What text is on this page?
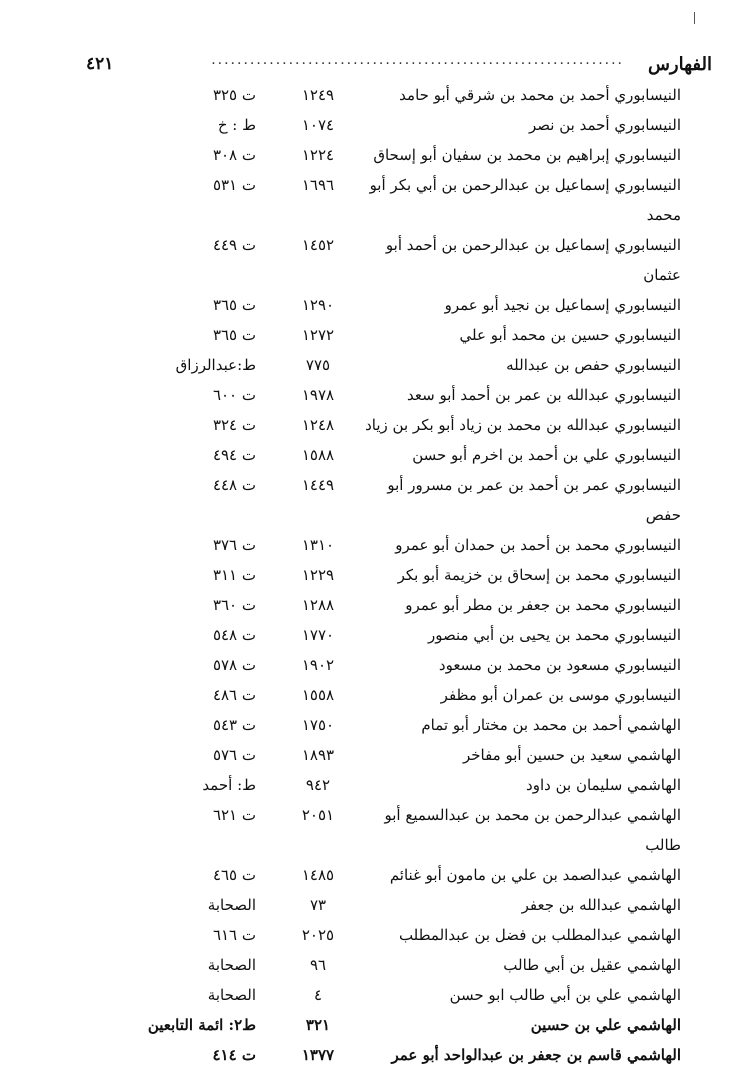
الفهارس
................................................................
٤٢١
النيسابوري أحمد بن محمد بن شرقي أبو حامد
١٢٤٩
ت ٣٢٥
النيسابوري أحمد بن نصر
١٠٧٤
ط : خ
النيسابوري إبراهيم بن محمد بن سفيان أبو إسحاق
١٢٢٤
ت ٣٠٨
النيسابوري إسماعيل بن عبدالرحمن بن أبي بكر أبو
١٦٩٦
ت ٥٣١
محمد
النيسابوري إسماعيل بن عبدالرحمن بن أحمد أبو
١٤٥٢
ت ٤٤٩
عثمان
النيسابوري إسماعيل بن نجيد أبو عمرو
١٢٩٠
ت ٣٦٥
النيسابوري حسين بن محمد أبو علي
١٢٧٢
ت ٣٦٥
النيسابوري حفص بن عبدالله
٧٧٥
ط:عبدالرزاق
النيسابوري عبدالله بن عمر بن أحمد أبو سعد
١٩٧٨
ت ٦٠٠
النيسابوري عبدالله بن محمد بن زياد أبو بكر بن زياد
١٢٤٨
ت ٣٢٤
النيسابوري علي بن أحمد بن اخرم أبو حسن
١٥٨٨
ت ٤٩٤
النيسابوري عمر بن أحمد بن عمر بن مسرور أبو
١٤٤٩
ت ٤٤٨
حفص
النيسابوري محمد بن أحمد بن حمدان أبو عمرو
١٣١٠
ت ٣٧٦
النيسابوري محمد بن إسحاق بن خزيمة أبو بكر
١٢٢٩
ت ٣١١
النيسابوري محمد بن جعفر بن مطر أبو عمرو
١٢٨٨
ت ٣٦٠
النيسابوري محمد بن يحيى بن أبي منصور
١٧٧٠
ت ٥٤٨
النيسابوري مسعود بن محمد بن مسعود
١٩٠٢
ت ٥٧٨
النيسابوري موسى بن عمران أبو مظفر
١٥٥٨
ت ٤٨٦
الهاشمي أحمد بن محمد بن مختار أبو تمام
١٧٥٠
ت ٥٤٣
الهاشمي سعيد بن حسين أبو مفاخر
١٨٩٣
ت ٥٧٦
الهاشمي سليمان بن داود
٩٤٢
ط: أحمد
الهاشمي عبدالرحمن بن محمد بن عبدالسميع أبو
٢٠٥١
ت ٦٢١
طالب
الهاشمي عبدالصمد بن علي بن مامون أبو غنائم
١٤٨٥
ت ٤٦٥
الهاشمي عبدالله بن جعفر
٧٣
الصحابة
الهاشمي عبدالمطلب بن فضل بن عبدالمطلب
٢٠٢٥
ت ٦١٦
الهاشمي عقيل بن أبي طالب
٩٦
الصحابة
الهاشمي علي بن أبي طالب ابو حسن
٤
الصحابة
الهاشمي علي بن حسين
٣٢١
ط٢: ائمة التابعين
الهاشمي قاسم بن جعفر بن عبدالواحد أبو عمر
١٣٧٧
ت ٤١٤
